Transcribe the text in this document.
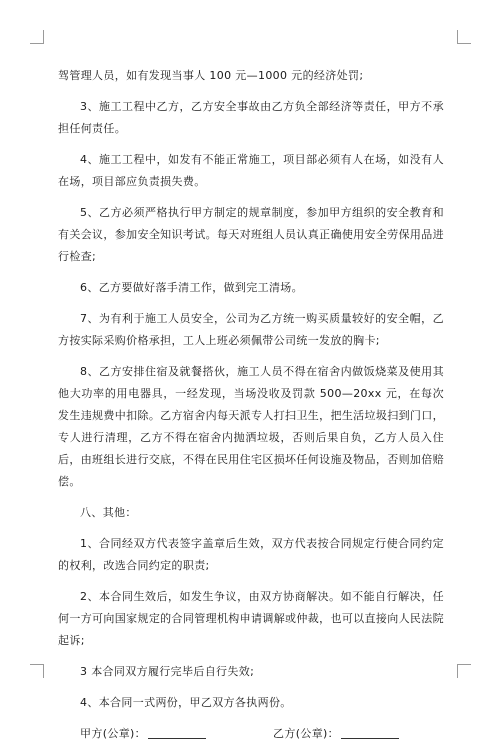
驾管理人员，如有发现当事人 100 元—1000 元的经济处罚;

3、施工工程中乙方，乙方安全事故由乙方负全部经济等责任，甲方不承担任何责任。

4、施工工程中，如发有不能正常施工，项目部必须有人在场，如没有人在场，项目部应负责损失费。

5、乙方必须严格执行甲方制定的规章制度，参加甲方组织的安全教育和有关会议，参加安全知识考试。每天对班组人员认真正确使用安全劳保用品进行检查;

6、乙方要做好落手清工作，做到完工清场。

7、为有利于施工人员安全，公司为乙方统一购买质量较好的安全帽，乙方按实际采购价格承担，工人上班必须佩带公司统一发放的胸卡;

8、乙方安排住宿及就餐搭伙，施工人员不得在宿舍内做饭烧菜及使用其他大功率的用电器具，一经发现，当场没收及罚款 500—20xx 元，在每次发生违规费中扣除。乙方宿舍内每天派专人打扫卫生，把生活垃圾扫到门口，专人进行清理，乙方不得在宿舍内抛洒垃圾，否则后果自负，乙方人员入住后，由班组长进行交底，不得在民用住宅区损坏任何设施及物品，否则加倍赔偿。

八、其他：

1、合同经双方代表签字盖章后生效，双方代表按合同规定行使合同约定的权利，改选合同约定的职责;

2、本合同生效后，如发生争议，由双方协商解决。如不能自行解决，任何一方可向国家规定的合同管理机构申请调解或仲裁，也可以直接向人民法院起诉;

3 本合同双方履行完毕后自行失效;

4、本合同一式两份，甲乙双方各执两份。

甲方(公章)：	乙方(公章)：
